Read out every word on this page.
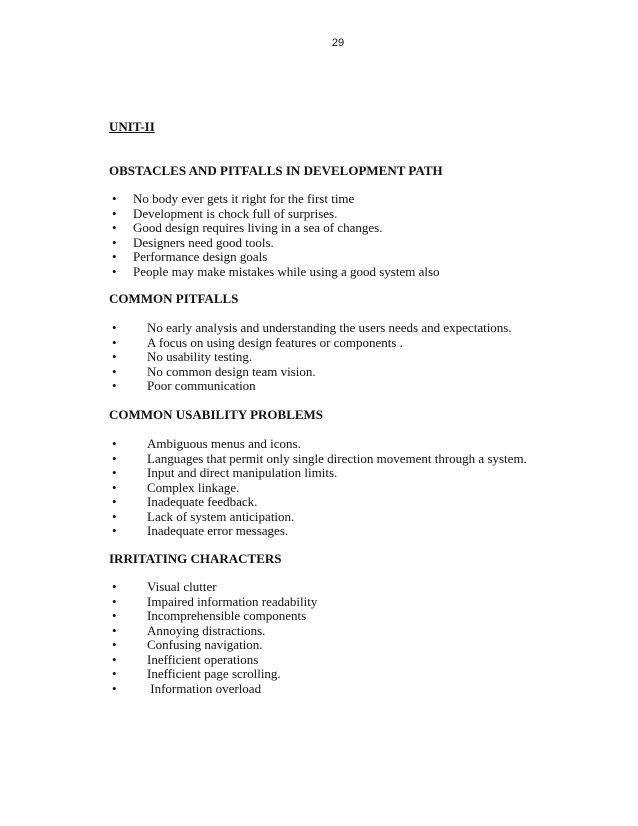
29
UNIT-II
OBSTACLES AND PITFALLS IN DEVELOPMENT PATH
• No body ever gets it right for the first time
• Development is chock full of surprises.
• Good design requires living in a sea of changes.
• Designers need good tools.
• Performance design goals
• People may make mistakes while using a good system also
COMMON PITFALLS
• No early analysis and understanding the users needs and expectations.
• A focus on using design features or components .
• No usability testing.
• No common design team vision.
• Poor communication
COMMON USABILITY PROBLEMS
• Ambiguous menus and icons.
• Languages that permit only single direction movement through a system.
• Input and direct manipulation limits.
• Complex linkage.
• Inadequate feedback.
• Lack of system anticipation.
• Inadequate error messages.
IRRITATING CHARACTERS
• Visual clutter
• Impaired information readability
• Incomprehensible components
• Annoying distractions.
• Confusing navigation.
• Inefficient operations
• Inefficient page scrolling.
• Information overload
